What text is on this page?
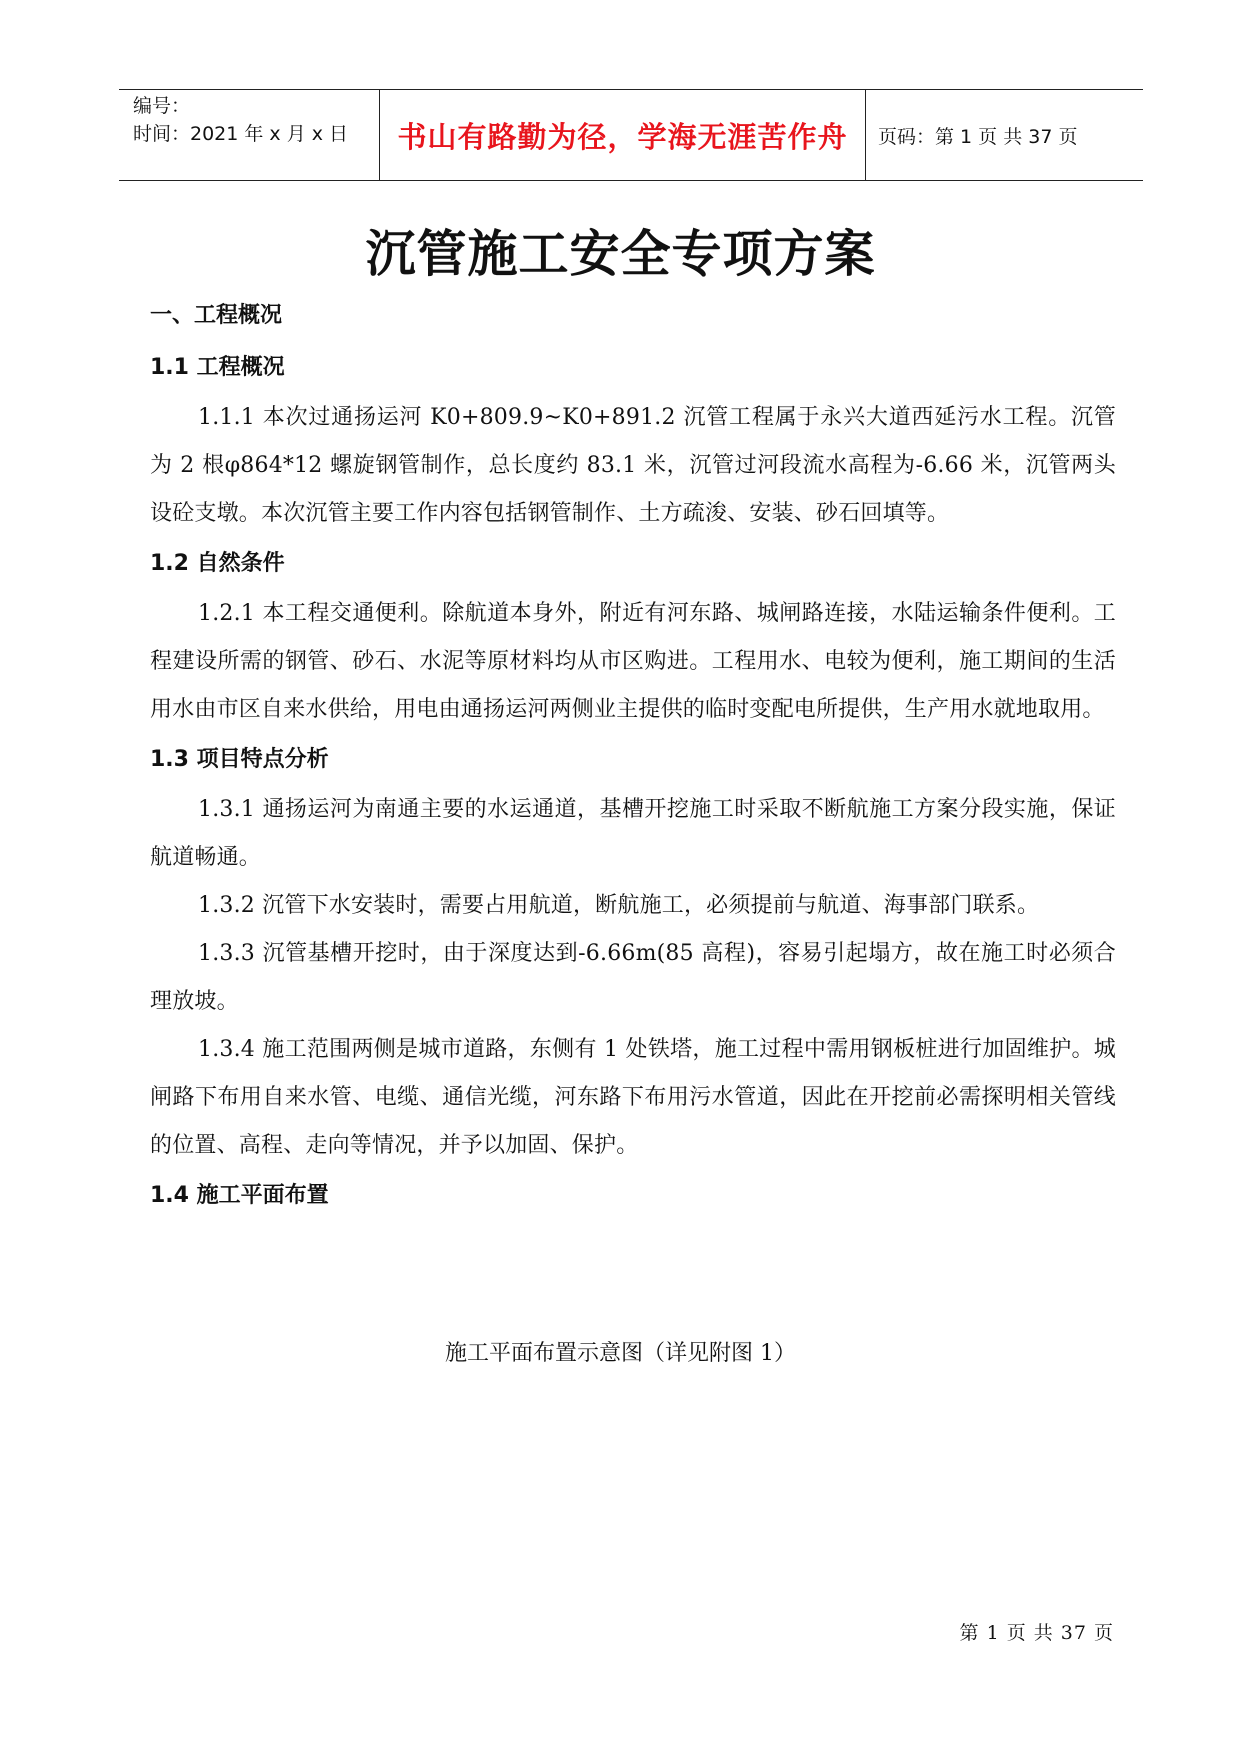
编号：
时间：2021 年 x 月 x 日	书山有路勤为径，学海无涯苦作舟	页码：第 1 页 共 37 页
沉管施工安全专项方案

一、工程概况

1.1 工程概况

1.1.1 本次过通扬运河 K0+809.9~K0+891.2 沉管工程属于永兴大道西延污水工程。沉管为 2 根φ864*12 螺旋钢管制作，总长度约 83.1 米，沉管过河段流水高程为-6.66 米，沉管两头设砼支墩。本次沉管主要工作内容包括钢管制作、土方疏浚、安装、砂石回填等。

1.2 自然条件

1.2.1 本工程交通便利。除航道本身外，附近有河东路、城闸路连接，水陆运输条件便利。工程建设所需的钢管、砂石、水泥等原材料均从市区购进。工程用水、电较为便利，施工期间的生活用水由市区自来水供给，用电由通扬运河两侧业主提供的临时变配电所提供，生产用水就地取用。

1.3 项目特点分析

1.3.1 通扬运河为南通主要的水运通道，基槽开挖施工时采取不断航施工方案分段实施，保证航道畅通。

1.3.2 沉管下水安装时，需要占用航道，断航施工，必须提前与航道、海事部门联系。

1.3.3 沉管基槽开挖时，由于深度达到-6.66m(85 高程)，容易引起塌方，故在施工时必须合理放坡。

1.3.4 施工范围两侧是城市道路，东侧有 1 处铁塔，施工过程中需用钢板桩进行加固维护。城闸路下布用自来水管、电缆、通信光缆，河东路下布用污水管道，因此在开挖前必需探明相关管线的位置、高程、走向等情况，并予以加固、保护。

1.4 施工平面布置

施工平面布置示意图（详见附图 1）
第 1 页 共 37 页
